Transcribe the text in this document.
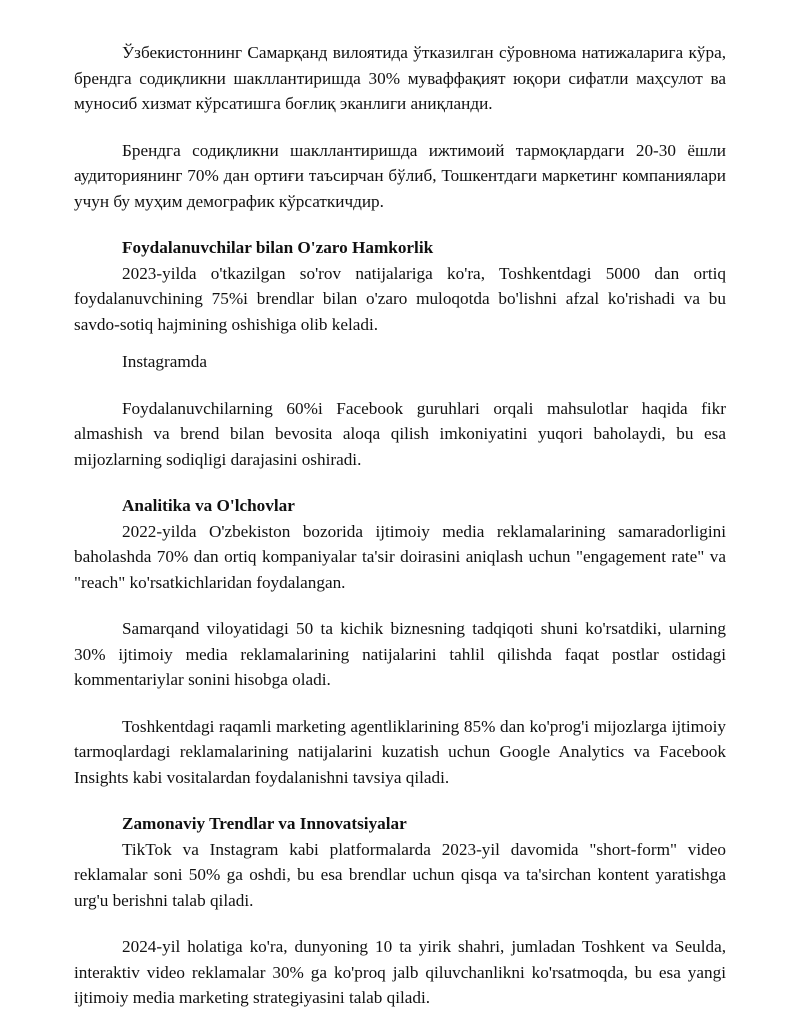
Ўзбекистоннинг Самарқанд вилоятида ўтказилган сўровнома натижаларига кўра, брендга содиқликни шакллантиришда 30% муваффақият юқори сифатли маҳсулот ва муносиб хизмат кўрсатишга боғлиқ эканлиги аниқланди.

Брендга содиқликни шакллантиришда ижтимоий тармоқлардаги 20-30 ёшли аудиториянинг 70% дан ортиғи таъсирчан бўлиб, Тошкентдаги маркетинг компаниялари учун бу муҳим демографик кўрсаткичдир.

Foydalanuvchilar bilan O'zaro Hamkorlik

2023-yilda o'tkazilgan so'rov natijalariga ko'ra, Toshkentdagi 5000 dan ortiq foydalanuvchining 75%i brendlar bilan o'zaro muloqotda bo'lishni afzal ko'rishadi va bu savdo-sotiq hajmining oshishiga olib keladi.

Instagramda

Foydalanuvchilarning 60%i Facebook guruhlari orqali mahsulotlar haqida fikr almashish va brend bilan bevosita aloqa qilish imkoniyatini yuqori baholaydi, bu esa mijozlarning sodiqligi darajasini oshiradi.

Analitika va O'lchovlar

2022-yilda O'zbekiston bozorida ijtimoiy media reklamalarining samaradorligini baholashda 70% dan ortiq kompaniyalar ta'sir doirasini aniqlash uchun "engagement rate" va "reach" ko'rsatkichlaridan foydalangan.

Samarqand viloyatidagi 50 ta kichik biznesning tadqiqoti shuni ko'rsatdiki, ularning 30% ijtimoiy media reklamalarining natijalarini tahlil qilishda faqat postlar ostidagi kommentariylar sonini hisobga oladi.

Toshkentdagi raqamli marketing agentliklarining 85% dan ko'prog'i mijozlarga ijtimoiy tarmoqlardagi reklamalarining natijalarini kuzatish uchun Google Analytics va Facebook Insights kabi vositalardan foydalanishni tavsiya qiladi.

Zamonaviy Trendlar va Innovatsiyalar

TikTok va Instagram kabi platformalarda 2023-yil davomida "short-form" video reklamalar soni 50% ga oshdi, bu esa brendlar uchun qisqa va ta'sirchan kontent yaratishga urg'u berishni talab qiladi.

2024-yil holatiga ko'ra, dunyoning 10 ta yirik shahri, jumladan Toshkent va Seulda, interaktiv video reklamalar 30% ga ko'proq jalb qiluvchanlikni ko'rsatmoqda, bu esa yangi ijtimoiy media marketing strategiyasini talab qiladi.
